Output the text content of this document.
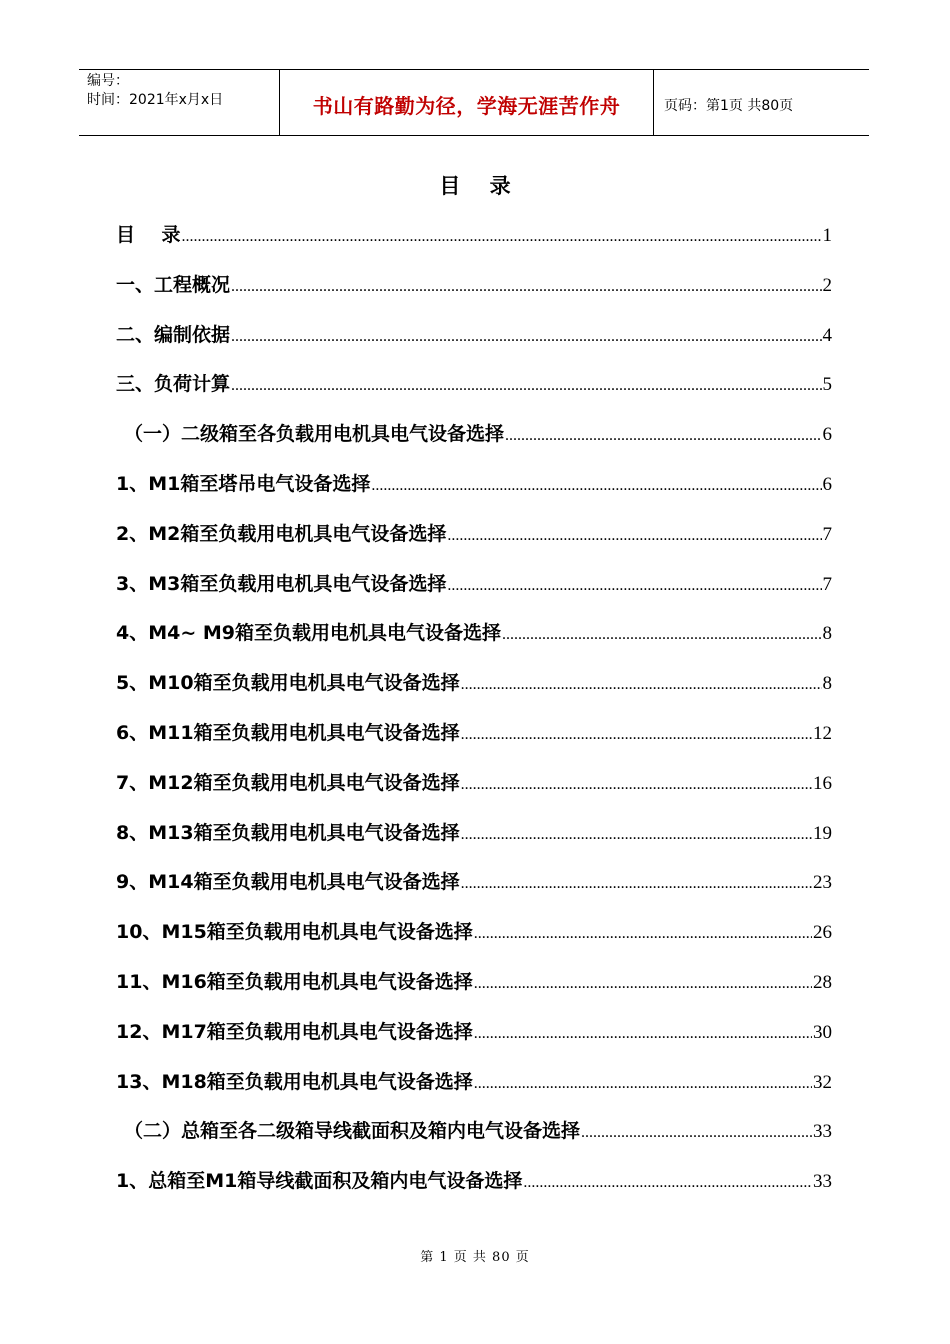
编号：
时间：2021年x月x日	书山有路勤为径，学海无涯苦作舟	页码：第1页 共80页
目    录
目    录 .....	1
一、工程概况 .....	2
二、编制依据 .....	4
三、负荷计算 .....	5
（一）二级箱至各负载用电机具电气设备选择 .....	6
1、M1箱至塔吊电气设备选择 .....	6
2、M2箱至负载用电机具电气设备选择 .....	7
3、M3箱至负载用电机具电气设备选择 .....	7
4、M4~ M9箱至负载用电机具电气设备选择 .....	8
5、M10箱至负载用电机具电气设备选择 .....	8
6、M11箱至负载用电机具电气设备选择 .....	12
7、M12箱至负载用电机具电气设备选择 .....	16
8、M13箱至负载用电机具电气设备选择 .....	19
9、M14箱至负载用电机具电气设备选择 .....	23
10、M15箱至负载用电机具电气设备选择 .....	26
11、M16箱至负载用电机具电气设备选择 .....	28
12、M17箱至负载用电机具电气设备选择 .....	30
13、M18箱至负载用电机具电气设备选择 .....	32
（二）总箱至各二级箱导线截面积及箱内电气设备选择 .....	33
1、总箱至M1箱导线截面积及箱内电气设备选择 .....	33
第 1 页 共 80 页
